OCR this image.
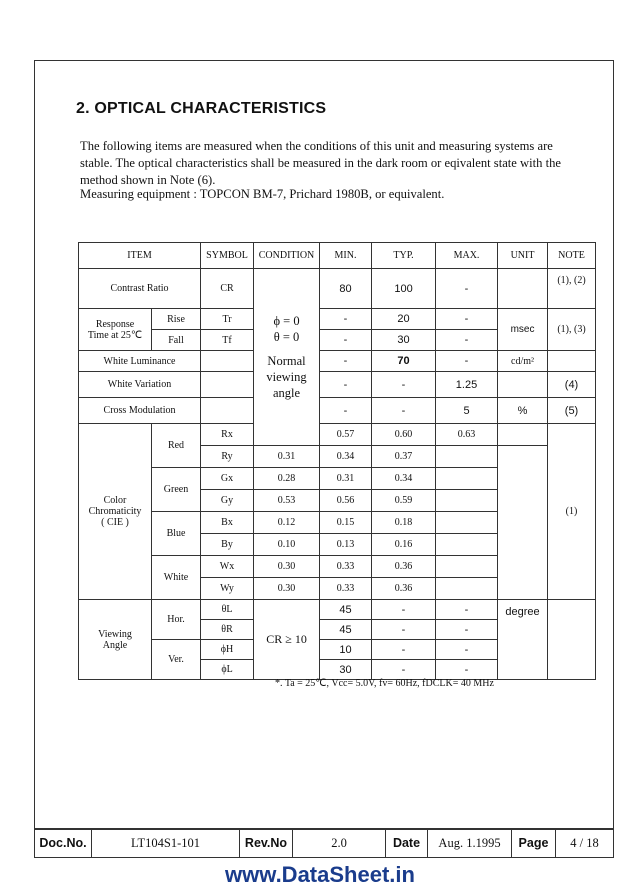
2. OPTICAL CHARACTERISTICS

The following items are measured when the conditions of this unit and measuring systems are

stable. The optical characteristics shall be measured in the dark room or eqivalent state with the

method shown in Note (6).

Measuring equipment : TOPCON BM-7, Prichard 1980B, or equivalent.
ITEM		SYMBOL	CONDITION	MIN.	TYP.	MAX.	UNIT	NOTE
Contrast Ratio		CR	ϕ = 0
θ = 0
Normal
viewing
angle	80	100	-		(1), (2)

Response
Time at 25℃	Rise	Tr		-	20	-	msec	(1), (3)
	Fall	Tf		-	30	-		
White Luminance				-	70	-	cd/m²	
White Variation				-	-	1.25		(4)
Cross Modulation				-	-	5	%	(5)

Color
Chromaticity
( CIE )	Red	Rx		0.57	0.60	0.63		(1)
		Ry	0.31	0.34	0.37			
	Green	Gx	0.28	0.31	0.34			
		Gy	0.53	0.56	0.59			
	Blue	Bx	0.12	0.15	0.18			
		By	0.10	0.13	0.16			
	White	Wx	0.30	0.33	0.36			
		Wy	0.30	0.33	0.36			

Viewing
Angle	Hor.	θL	CR ≥ 10	45	-	-	degree	
		θR		45	-	-		
	Ver.	ϕH		10	-	-		
		ϕL		30	-	-		
*. Ta = 25℃, Vcc= 5.0V, fv= 60Hz, fDCLK= 40 MHz
Doc.No.	LT104S1-101	Rev.No	2.0	Date	Aug. 1.1995	Page	4 / 18
www.DataSheet.in
